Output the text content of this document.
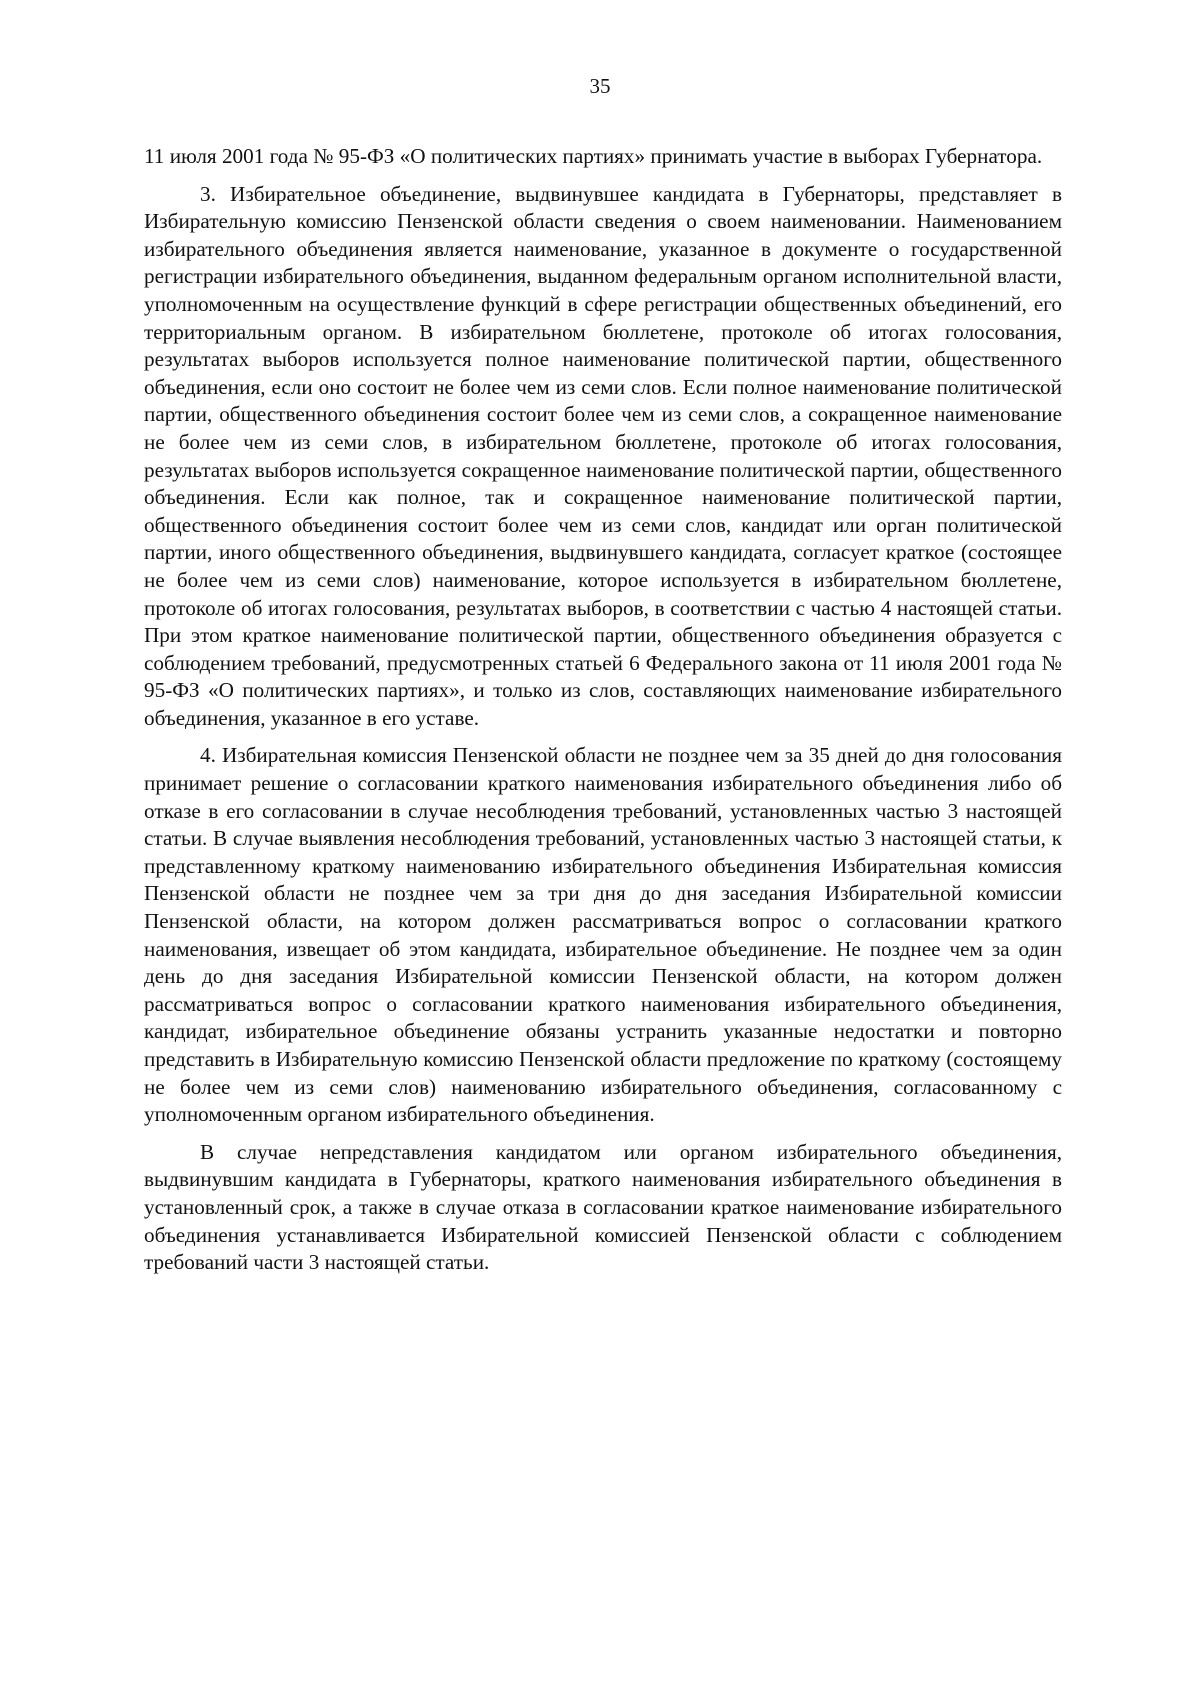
35

11 июля 2001 года № 95-ФЗ «О политических партиях» принимать участие в выборах Губернатора.

3. Избирательное объединение, выдвинувшее кандидата в Губернаторы, представляет в Избирательную комиссию Пензенской области сведения о своем наименовании. Наименованием избирательного объединения является наименование, указанное в документе о государственной регистрации избирательного объединения, выданном федеральным органом исполнительной власти, уполномоченным на осуществление функций в сфере регистрации общественных объединений, его территориальным органом. В избирательном бюллетене, протоколе об итогах голосования, результатах выборов используется полное наименование политической партии, общественного объединения, если оно состоит не более чем из семи слов. Если полное наименование политической партии, общественного объединения состоит более чем из семи слов, а сокращенное наименование не более чем из семи слов, в избирательном бюллетене, протоколе об итогах голосования, результатах выборов используется сокращенное наименование политической партии, общественного объединения. Если как полное, так и сокращенное наименование политической партии, общественного объединения состоит более чем из семи слов, кандидат или орган политической партии, иного общественного объединения, выдвинувшего кандидата, согласует краткое (состоящее не более чем из семи слов) наименование, которое используется в избирательном бюллетене, протоколе об итогах голосования, результатах выборов, в соответствии с частью 4 настоящей статьи. При этом краткое наименование политической партии, общественного объединения образуется с соблюдением требований, предусмотренных статьей 6 Федерального закона от 11 июля 2001 года № 95-ФЗ «О политических партиях», и только из слов, составляющих наименование избирательного объединения, указанное в его уставе.

4. Избирательная комиссия Пензенской области не позднее чем за 35 дней до дня голосования принимает решение о согласовании краткого наименования избирательного объединения либо об отказе в его согласовании в случае несоблюдения требований, установленных частью 3 настоящей статьи. В случае выявления несоблюдения требований, установленных частью 3 настоящей статьи, к представленному краткому наименованию избирательного объединения Избирательная комиссия Пензенской области не позднее чем за три дня до дня заседания Избирательной комиссии Пензенской области, на котором должен рассматриваться вопрос о согласовании краткого наименования, извещает об этом кандидата, избирательное объединение. Не позднее чем за один день до дня заседания Избирательной комиссии Пензенской области, на котором должен рассматриваться вопрос о согласовании краткого наименования избирательного объединения, кандидат, избирательное объединение обязаны устранить указанные недостатки и повторно представить в Избирательную комиссию Пензенской области предложение по краткому (состоящему не более чем из семи слов) наименованию избирательного объединения, согласованному с уполномоченным органом избирательного объединения.

В случае непредставления кандидатом или органом избирательного объединения, выдвинувшим кандидата в Губернаторы, краткого наименования избирательного объединения в установленный срок, а также в случае отказа в согласовании краткое наименование избирательного объединения устанавливается Избирательной комиссией Пензенской области с соблюдением требований части 3 настоящей статьи.
